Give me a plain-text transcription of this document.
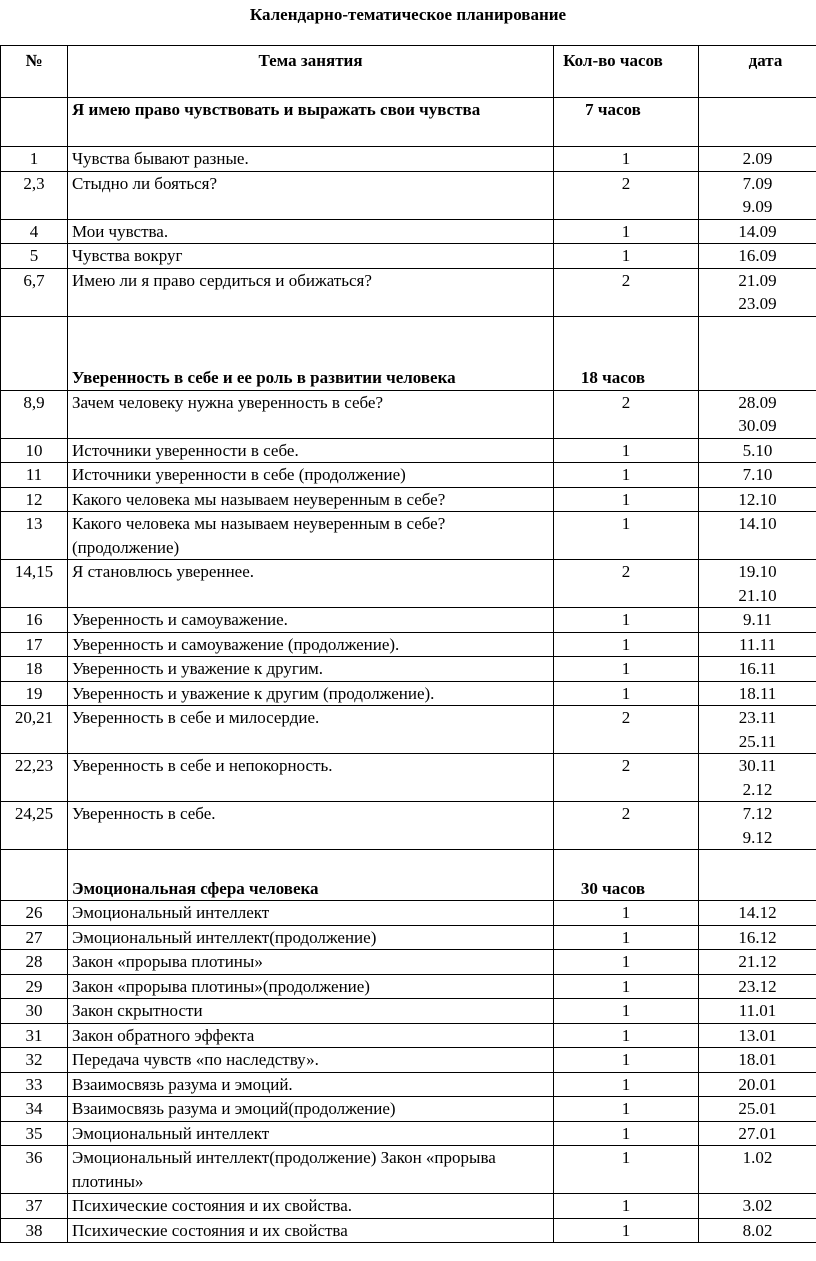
Календарно-тематическое планирование
№	Тема занятия	Кол-во часов	дата
	Я имею право чувствовать и выражать свои чувства	7 часов	
1	Чувства бывают разные.	1	2.09

2,3	Стыдно ли бояться?	2	7.09
9.09

4	Мои чувства.	1	14.09

5	Чувства вокруг	1	16.09

6,7	Имею ли я право сердиться и обижаться?	2	21.09
23.09

	Уверенность в себе и ее роль в развитии человека	18 часов	
8,9	Зачем человеку нужна уверенность в себе?	2	28.09
30.09

10	Источники уверенности в себе.	1	5.10

11	Источники уверенности в себе (продолжение)	1	7.10

12	Какого человека мы называем неуверенным в себе?	1	12.10

13	Какого человека мы называем неуверенным в себе? (продолжение)	1	14.10

14,15	Я становлюсь увереннее.	2	19.10
21.10

16	Уверенность и самоуважение.	1	9.11

17	Уверенность и самоуважение (продолжение).	1	11.11

18	Уверенность и уважение к другим.	1	16.11

19	Уверенность и уважение к другим (продолжение).	1	18.11

20,21	Уверенность в себе и милосердие.	2	23.11
25.11

22,23	Уверенность в себе и непокорность.	2	30.11
2.12

24,25	Уверенность в себе.	2	7.12
9.12

	Эмоциональная сфера человека	30 часов	
26	Эмоциональный интеллект	1	14.12

27	Эмоциональный интеллект(продолжение)	1	16.12

28	Закон «прорыва плотины»	1	21.12

29	Закон «прорыва плотины»(продолжение)	1	23.12

30	Закон скрытности	1	11.01

31	Закон обратного эффекта	1	13.01

32	Передача чувств «по наследству».	1	18.01

33	Взаимосвязь разума и эмоций.	1	20.01

34	Взаимосвязь разума и эмоций(продолжение)	1	25.01

35	Эмоциональный интеллект	1	27.01

36	Эмоциональный интеллект(продолжение) Закон «прорыва плотины»	1	1.02

37	Психические состояния и их свойства.	1	3.02

38	Психические состояния и их свойства	1	8.02
